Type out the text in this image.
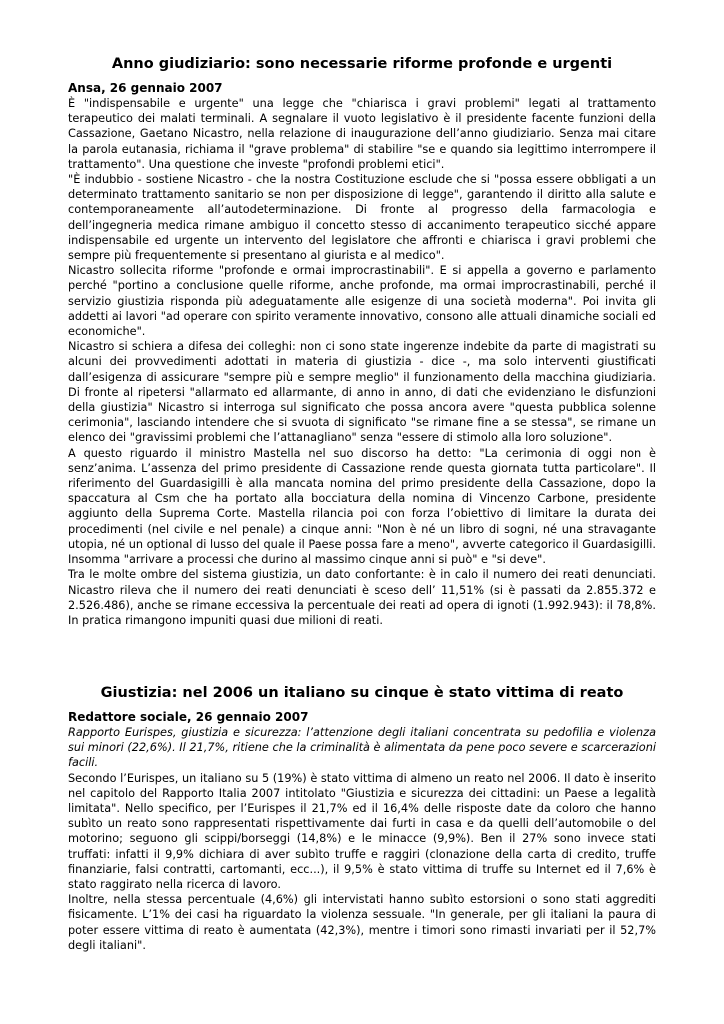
Anno giudiziario: sono necessarie riforme profonde e urgenti
Ansa, 26 gennaio 2007

È "indispensabile e urgente" una legge che "chiarisca i gravi problemi" legati al trattamento terapeutico dei malati terminali. A segnalare il vuoto legislativo è il presidente facente funzioni della Cassazione, Gaetano Nicastro, nella relazione di inaugurazione dell’anno giudiziario. Senza mai citare la parola eutanasia, richiama il "grave problema" di stabilire "se e quando sia legittimo interrompere il trattamento". Una questione che investe "profondi problemi etici".

"È indubbio - sostiene Nicastro - che la nostra Costituzione esclude che si "possa essere obbligati a un determinato trattamento sanitario se non per disposizione di legge", garantendo il diritto alla salute e contemporaneamente all’autodeterminazione. Di fronte al progresso della farmacologia e dell’ingegneria medica rimane ambiguo il concetto stesso di accanimento terapeutico sicché appare indispensabile ed urgente un intervento del legislatore che affronti e chiarisca i gravi problemi che sempre più frequentemente si presentano al giurista e al medico".

Nicastro sollecita riforme "profonde e ormai improcrastinabili". E si appella a governo e parlamento perché "portino a conclusione quelle riforme, anche profonde, ma ormai improcrastinabili, perché il servizio giustizia risponda più adeguatamente alle esigenze di una società moderna". Poi invita gli addetti ai lavori "ad operare con spirito veramente innovativo, consono alle attuali dinamiche sociali ed economiche".

Nicastro si schiera a difesa dei colleghi: non ci sono state ingerenze indebite da parte di magistrati su alcuni dei provvedimenti adottati in materia di giustizia - dice -, ma solo interventi giustificati dall’esigenza di assicurare "sempre più e sempre meglio" il funzionamento della macchina giudiziaria. Di fronte al ripetersi "allarmato ed allarmante, di anno in anno, di dati che evidenziano le disfunzioni della giustizia" Nicastro si interroga sul significato che possa ancora avere "questa pubblica solenne cerimonia", lasciando intendere che si svuota di significato "se rimane fine a se stessa", se rimane un elenco dei "gravissimi problemi che l’attanagliano" senza "essere di stimolo alla loro soluzione".

A questo riguardo il ministro Mastella nel suo discorso ha detto: "La cerimonia di oggi non è senz’anima. L’assenza del primo presidente di Cassazione rende questa giornata tutta particolare". Il riferimento del Guardasigilli è alla mancata nomina del primo presidente della Cassazione, dopo la spaccatura al Csm che ha portato alla bocciatura della nomina di Vincenzo Carbone, presidente aggiunto della Suprema Corte. Mastella rilancia poi con forza l’obiettivo di limitare la durata dei procedimenti (nel civile e nel penale) a cinque anni: "Non è né un libro di sogni, né una stravagante utopia, né un optional di lusso del quale il Paese possa fare a meno", avverte categorico il Guardasigilli. Insomma "arrivare a processi che durino al massimo cinque anni si può" e "si deve".

Tra le molte ombre del sistema giustizia, un dato confortante: è in calo il numero dei reati denunciati. Nicastro rileva che il numero dei reati denunciati è sceso dell’ 11,51% (si è passati da 2.855.372 e 2.526.486), anche se rimane eccessiva la percentuale dei reati ad opera di ignoti (1.992.943): il 78,8%. In pratica rimangono impuniti quasi due milioni di reati.

Giustizia: nel 2006 un italiano su cinque è stato vittima di reato
Redattore sociale, 26 gennaio 2007

Rapporto Eurispes, giustizia e sicurezza: l’attenzione degli italiani concentrata su pedofilia e violenza sui minori (22,6%). Il 21,7%, ritiene che la criminalità è alimentata da pene poco severe e scarcerazioni facili.

Secondo l’Eurispes, un italiano su 5 (19%) è stato vittima di almeno un reato nel 2006. Il dato è inserito nel capitolo del Rapporto Italia 2007 intitolato "Giustizia e sicurezza dei cittadini: un Paese a legalità limitata". Nello specifico, per l’Eurispes il 21,7% ed il 16,4% delle risposte date da coloro che hanno subìto un reato sono rappresentati rispettivamente dai furti in casa e da quelli dell’automobile o del motorino; seguono gli scippi/borseggi (14,8%) e le minacce (9,9%). Ben il 27% sono invece stati truffati: infatti il 9,9% dichiara di aver subìto truffe e raggiri (clonazione della carta di credito, truffe finanziarie, falsi contratti, cartomanti, ecc...), il 9,5% è stato vittima di truffe su Internet ed il 7,6% è stato raggirato nella ricerca di lavoro.

Inoltre, nella stessa percentuale (4,6%) gli intervistati hanno subìto estorsioni o sono stati aggrediti fisicamente. L’1% dei casi ha riguardato la violenza sessuale. "In generale, per gli italiani la paura di poter essere vittima di reato è aumentata (42,3%), mentre i timori sono rimasti invariati per il 52,7% degli italiani".
